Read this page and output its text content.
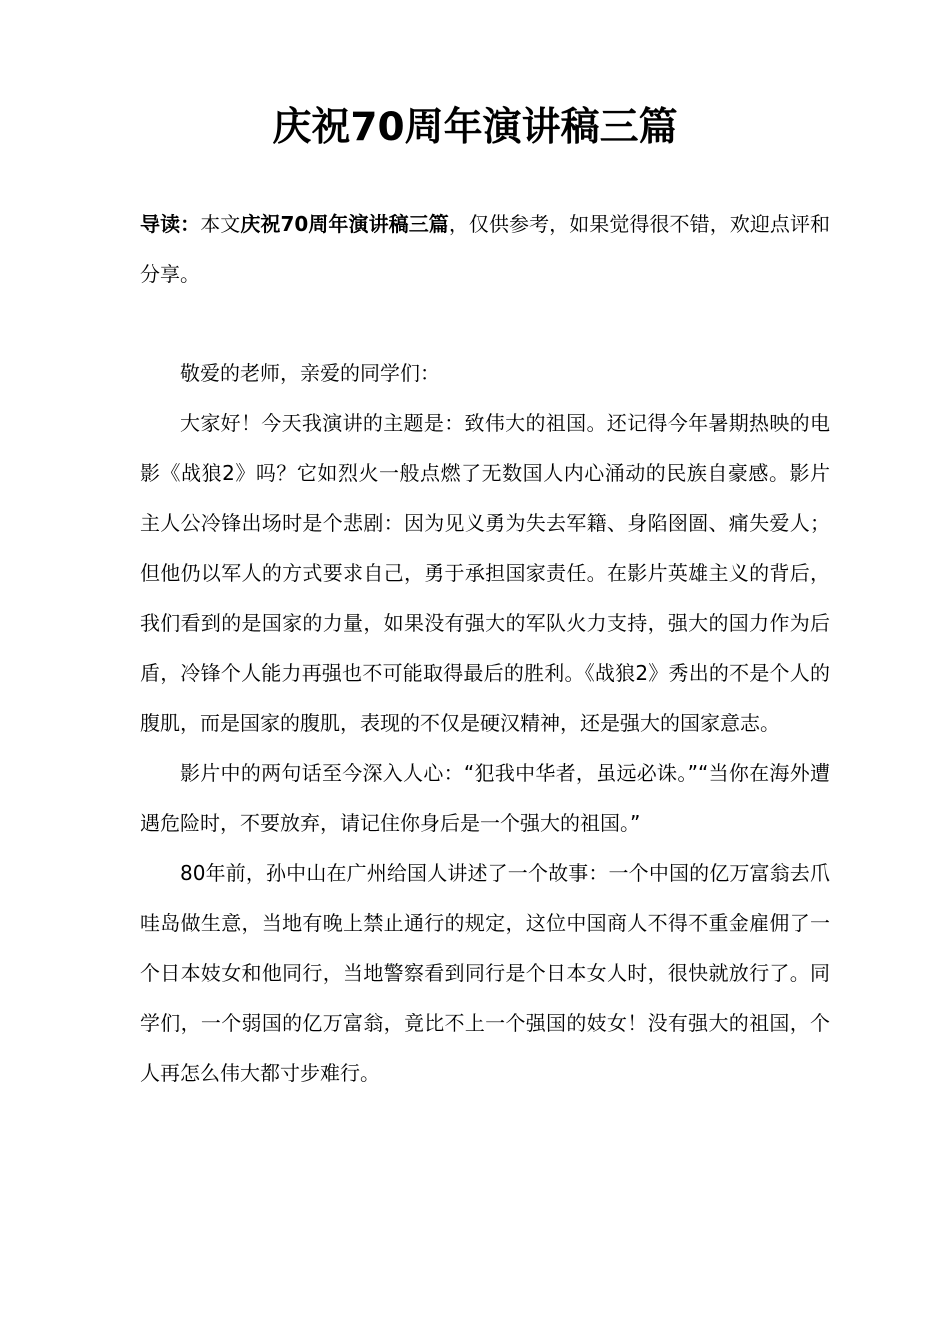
庆祝70周年演讲稿三篇
导读：本文庆祝70周年演讲稿三篇，仅供参考，如果觉得很不错，欢迎点评和分享。

敬爱的老师，亲爱的同学们：

大家好！今天我演讲的主题是：致伟大的祖国。还记得今年暑期热映的电影《战狼2》吗？它如烈火一般点燃了无数国人内心涌动的民族自豪感。影片主人公冷锋出场时是个悲剧：因为见义勇为失去军籍、身陷囹圄、痛失爱人；但他仍以军人的方式要求自己，勇于承担国家责任。在影片英雄主义的背后，我们看到的是国家的力量，如果没有强大的军队火力支持，强大的国力作为后盾，冷锋个人能力再强也不可能取得最后的胜利。《战狼2》秀出的不是个人的腹肌，而是国家的腹肌，表现的不仅是硬汉精神，还是强大的国家意志。

影片中的两句话至今深入人心：“犯我中华者，虽远必诛。”“当你在海外遭遇危险时，不要放弃，请记住你身后是一个强大的祖国。”

80年前，孙中山在广州给国人讲述了一个故事：一个中国的亿万富翁去爪哇岛做生意，当地有晚上禁止通行的规定，这位中国商人不得不重金雇佣了一个日本妓女和他同行，当地警察看到同行是个日本女人时，很快就放行了。同学们，一个弱国的亿万富翁，竟比不上一个强国的妓女！没有强大的祖国，个人再怎么伟大都寸步难行。
